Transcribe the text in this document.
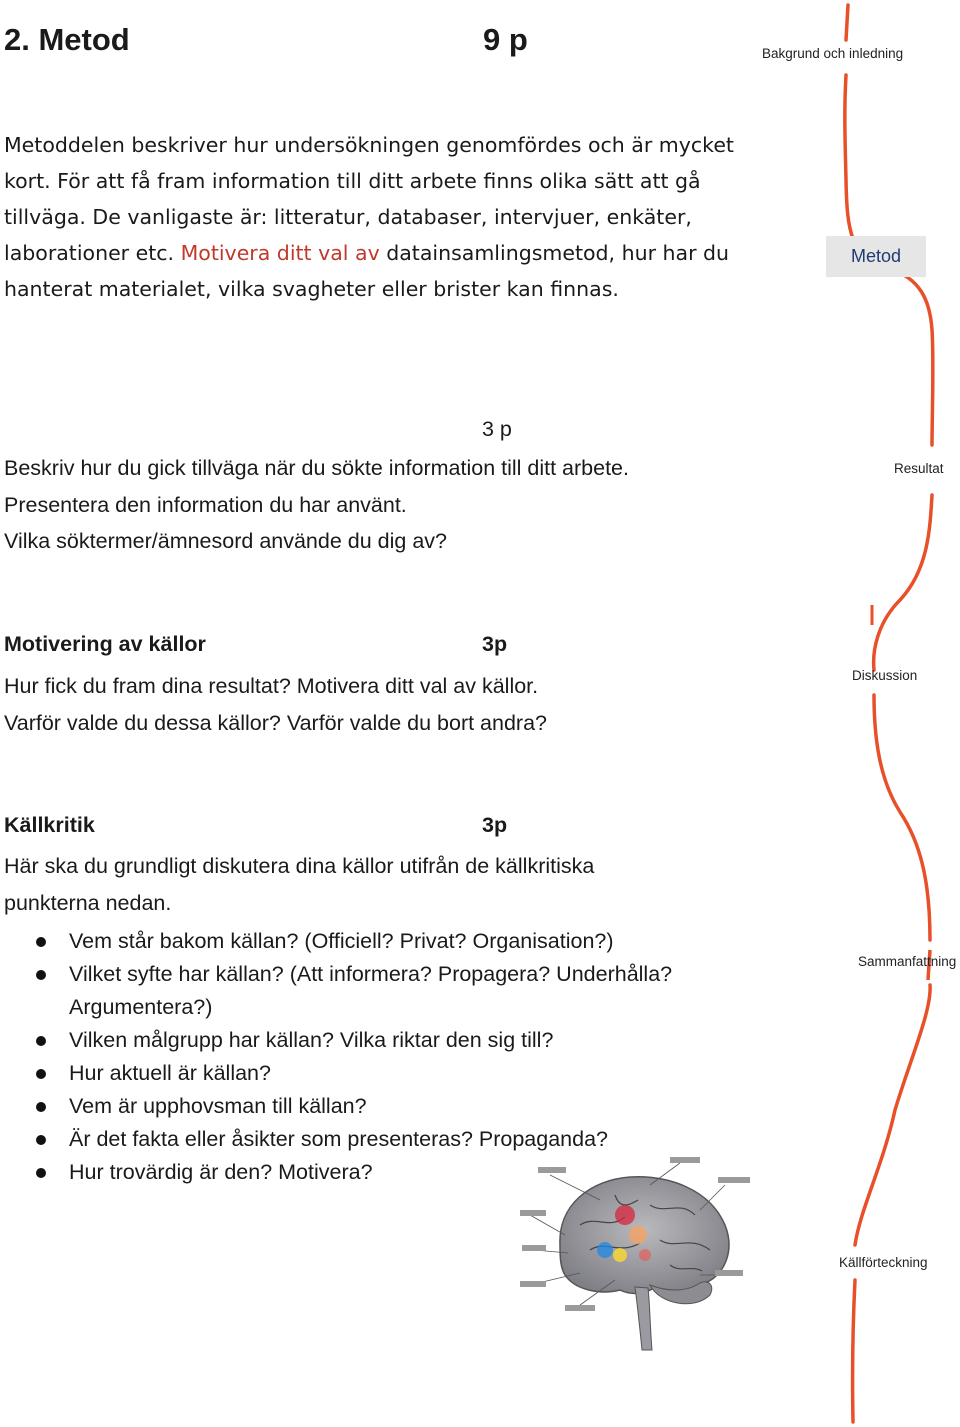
2. Metod	9 p

Metoddelen beskriver hur undersökningen genomfördes och är mycket kort. För att få fram information till ditt arbete finns olika sätt att gå tillväga. De vanligaste är: litteratur, databaser, intervjuer, enkäter, laborationer etc. Motivera ditt val av datainsamlingsmetod, hur har du hanterat materialet, vilka svagheter eller brister kan finnas.

3 p
Beskriv hur du gick tillväga när du sökte information till ditt arbete.
Presentera den information du har använt.
Vilka söktermer/ämnesord använde du dig av?
Motivering av källor	3p
Hur fick du fram dina resultat? Motivera ditt val av källor.
Varför valde du dessa källor? Varför valde du bort andra?
Källkritik	3p
Här ska du grundligt diskutera dina källor utifrån de källkritiska punkterna nedan.
Vem står bakom källan? (Officiell? Privat? Organisation?)
Vilket syfte har källan? (Att informera? Propagera? Underhålla? Argumentera?)
Vilken målgrupp har källan? Vilka riktar den sig till?
Hur aktuell är källan?
Vem är upphovsman till källan?
Är det fakta eller åsikter som presenteras? Propaganda?
Hur trovärdig är den? Motivera?
Bakgrund och inledning
Metod
Resultat
Diskussion
Sammanfattning
Källförteckning
